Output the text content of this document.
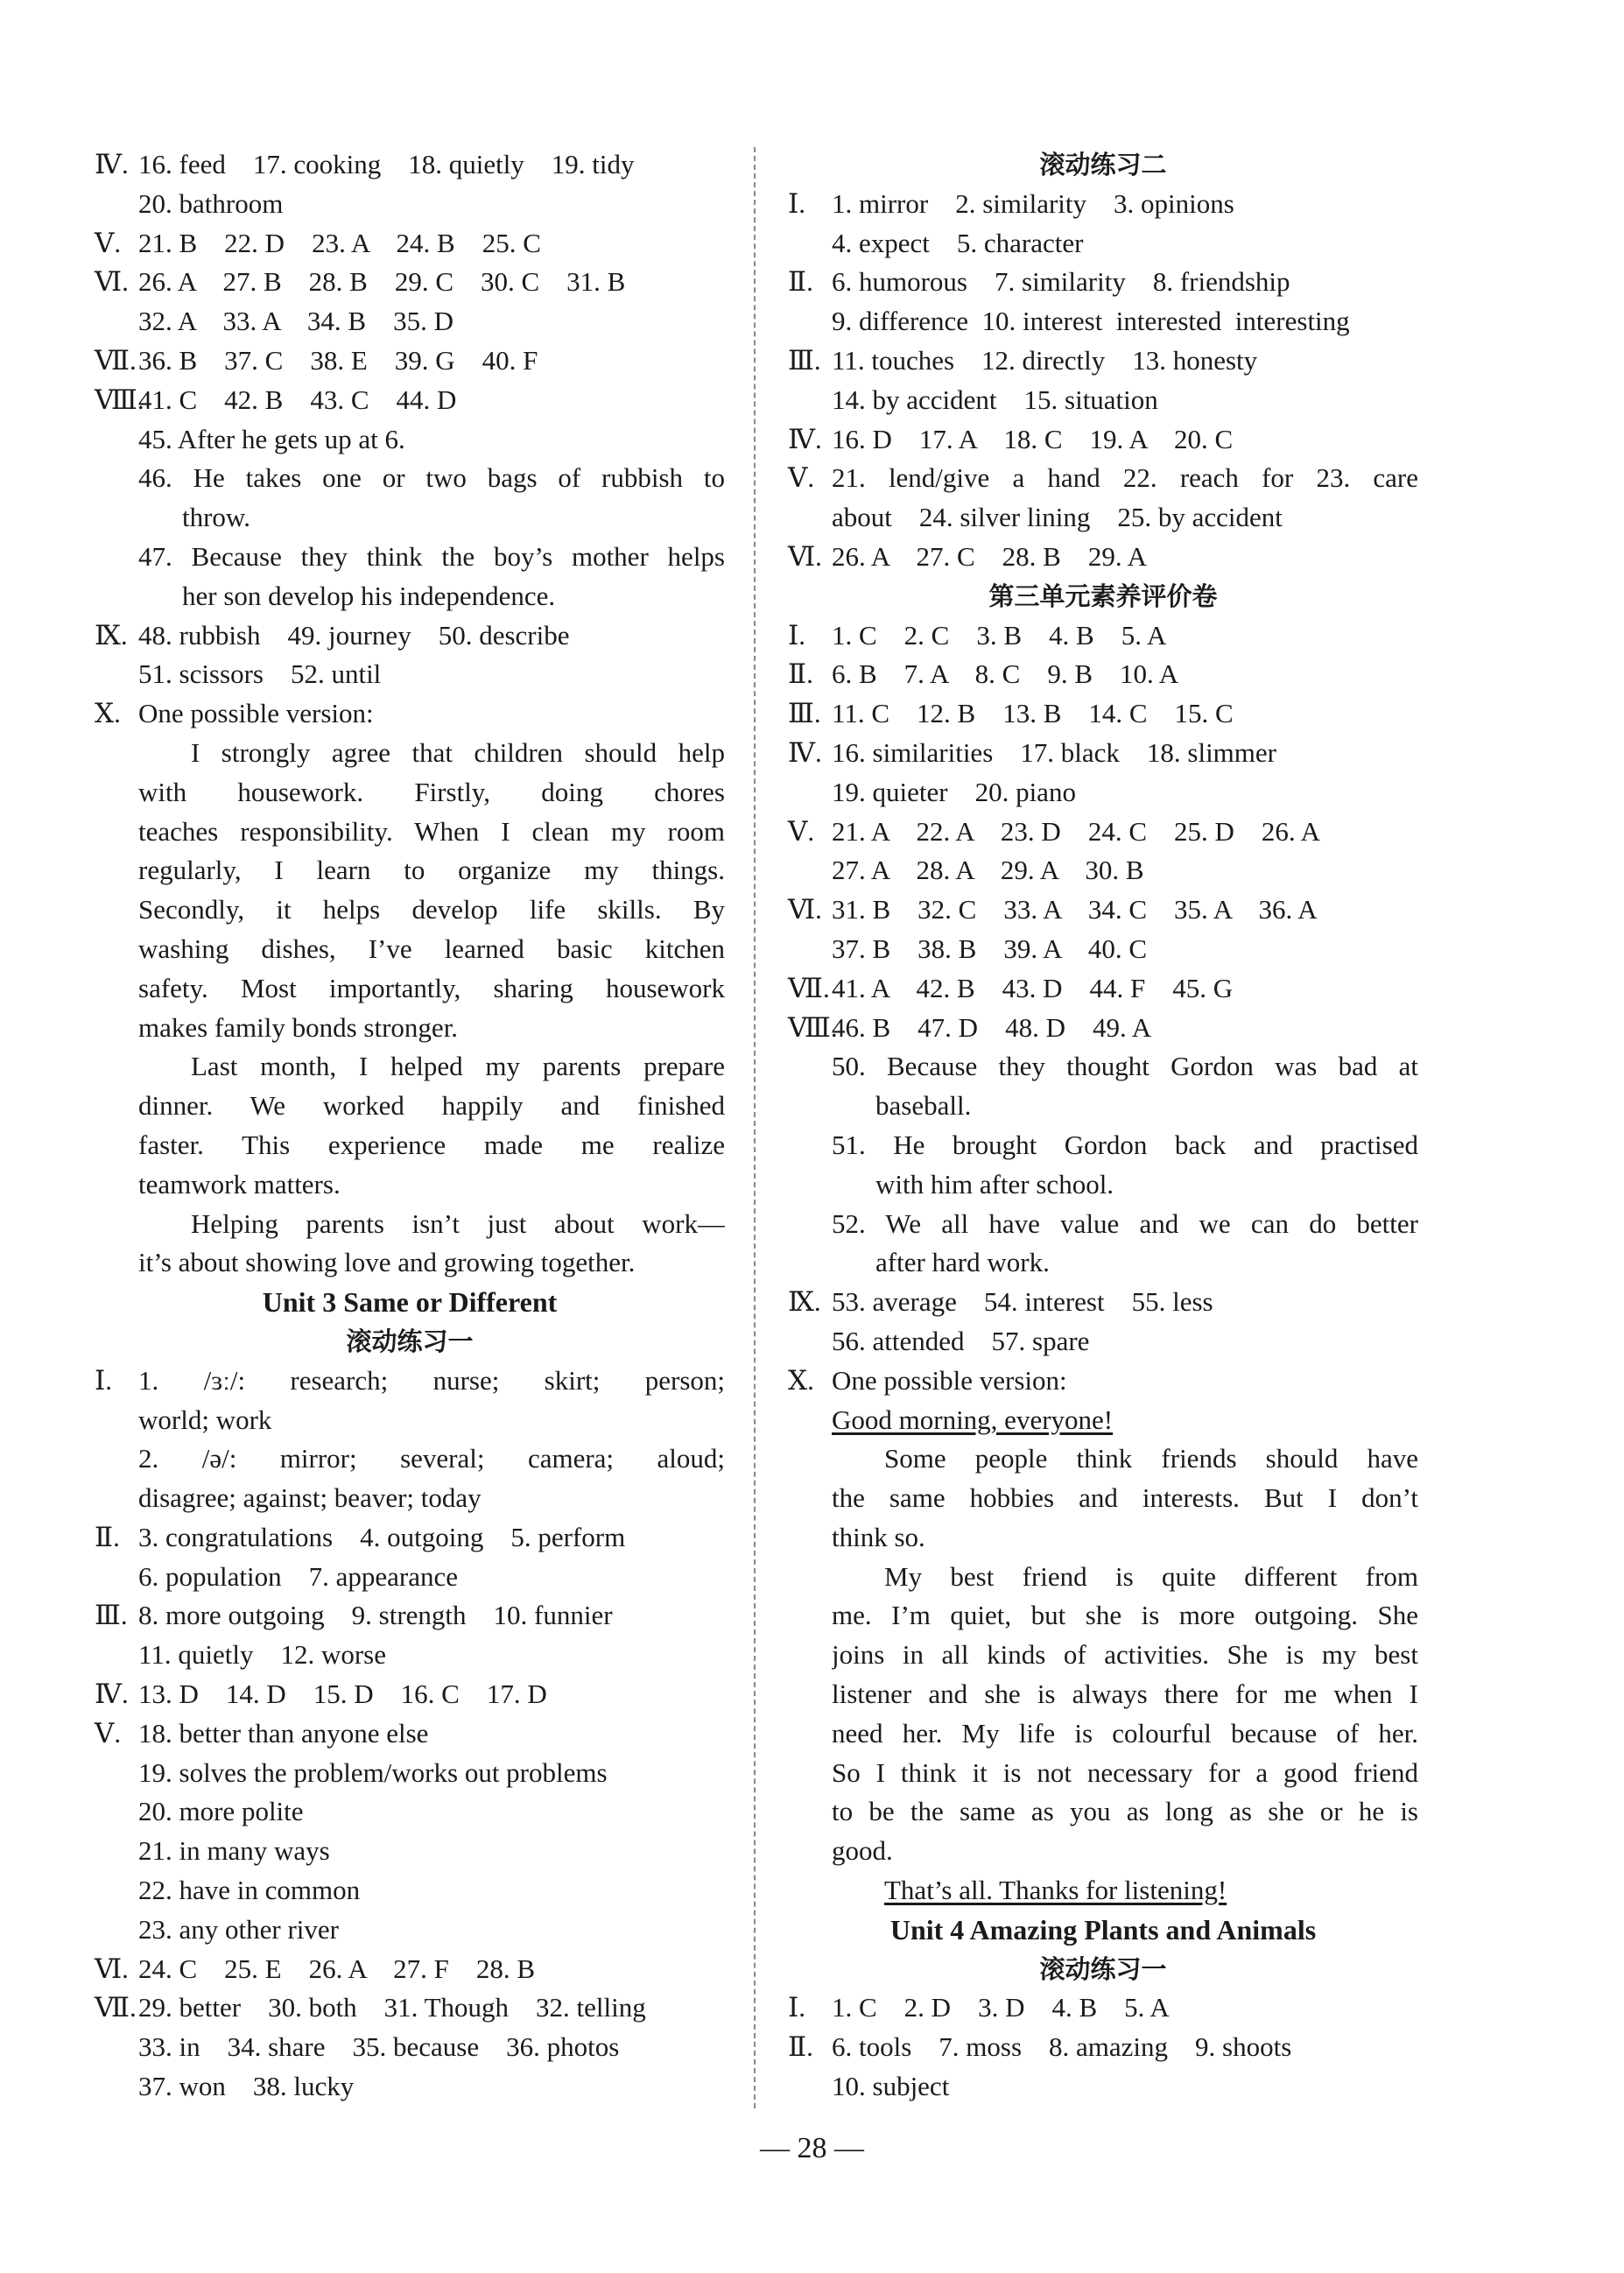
Ⅳ. 16. feed    17. cooking    18. quietly    19. tidy
20. bathroom
Ⅴ. 21. B    22. D    23. A    24. B    25. C
Ⅵ. 26. A    27. B    28. B    29. C    30. C    31. B
32. A    33. A    34. B    35. D
Ⅶ.36. B    37. C    38. E    39. G    40. F
Ⅷ.41. C    42. B    43. C    44. D
45. After he gets up at 6.
46. He takes one or two bags of rubbish to
throw.
47. Because they think the boy’s mother helps
her son develop his independence.
Ⅸ. 48. rubbish    49. journey    50. describe
51. scissors    52. until
Ⅹ. One possible version:
I strongly agree that children should help
with housework. Firstly, doing chores
teaches responsibility. When I clean my room
regularly, I learn to organize my things.
Secondly, it helps develop life skills. By
washing dishes, I’ve learned basic kitchen
safety. Most importantly, sharing housework
makes family bonds stronger.
Last month, I helped my parents prepare
dinner. We worked happily and finished
faster. This experience made me realize
teamwork matters.
Helping parents isn’t just about work—
it’s about showing love and growing together.
Unit 3 Same or Different
滚动练习一
Ⅰ. 1. /ɜː/: research; nurse; skirt; person;
world; work
2. /ə/: mirror; several; camera; aloud;
disagree; against; beaver; today
Ⅱ. 3. congratulations    4. outgoing    5. perform
6. population    7. appearance
Ⅲ. 8. more outgoing    9. strength    10. funnier
11. quietly    12. worse
Ⅳ. 13. D    14. D    15. D    16. C    17. D
Ⅴ. 18. better than anyone else
19. solves the problem/works out problems
20. more polite
21. in many ways
22. have in common
23. any other river
Ⅵ. 24. C    25. E    26. A    27. F    28. B
Ⅶ.29. better    30. both    31. Though    32. telling
33. in    34. share    35. because    36. photos
37. won    38. lucky
滚动练习二
Ⅰ. 1. mirror    2. similarity    3. opinions
4. expect    5. character
Ⅱ. 6. humorous    7. similarity    8. friendship
9. difference  10. interest  interested  interesting
Ⅲ. 11. touches    12. directly    13. honesty
14. by accident    15. situation
Ⅳ. 16. D    17. A    18. C    19. A    20. C
Ⅴ. 21. lend/give a hand 22. reach for 23. care
about    24. silver lining    25. by accident
Ⅵ. 26. A    27. C    28. B    29. A
第三单元素养评价卷
Ⅰ. 1. C    2. C    3. B    4. B    5. A
Ⅱ. 6. B    7. A    8. C    9. B    10. A
Ⅲ. 11. C    12. B    13. B    14. C    15. C
Ⅳ. 16. similarities    17. black    18. slimmer
19. quieter    20. piano
Ⅴ. 21. A    22. A    23. D    24. C    25. D    26. A
27. A    28. A    29. A    30. B
Ⅵ. 31. B    32. C    33. A    34. C    35. A    36. A
37. B    38. B    39. A    40. C
Ⅶ.41. A    42. B    43. D    44. F    45. G
Ⅷ.46. B    47. D    48. D    49. A
50. Because they thought Gordon was bad at
baseball.
51. He brought Gordon back and practised
with him after school.
52. We all have value and we can do better
after hard work.
Ⅸ. 53. average    54. interest    55. less
56. attended    57. spare
Ⅹ. One possible version:
Good morning, everyone!
Some people think friends should have
the same hobbies and interests. But I don’t
think so.
My best friend is quite different from
me. I’m quiet, but she is more outgoing. She
joins in all kinds of activities. She is my best
listener and she is always there for me when I
need her. My life is colourful because of her.
So I think it is not necessary for a good friend
to be the same as you as long as she or he is
good.
That’s all. Thanks for listening!
Unit 4 Amazing Plants and Animals
滚动练习一
Ⅰ. 1. C    2. D    3. D    4. B    5. A
Ⅱ. 6. tools    7. moss    8. amazing    9. shoots
10. subject
— 28 —
